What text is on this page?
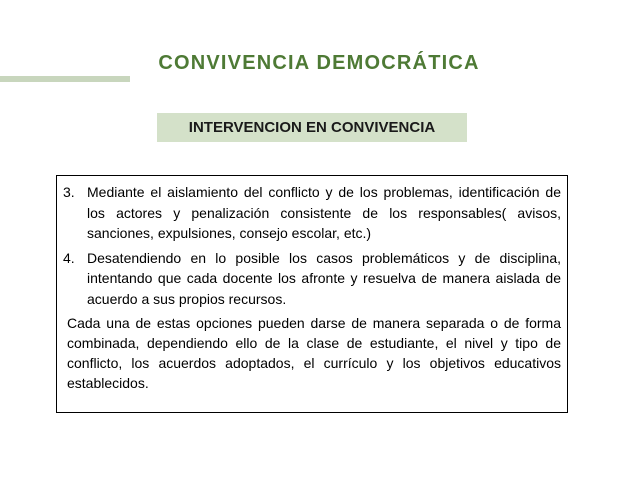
CONVIVENCIA DEMOCRÁTICA
INTERVENCION EN CONVIVENCIA
3. Mediante el aislamiento del conflicto y de los problemas, identificación de los actores y penalización consistente de los responsables( avisos, sanciones, expulsiones, consejo escolar, etc.)
4. Desatendiendo en lo posible los casos problemáticos y de disciplina, intentando que cada docente los afronte y resuelva de manera aislada de acuerdo a sus propios recursos.
Cada una de estas opciones pueden darse de manera separada o de forma combinada, dependiendo ello de la clase de estudiante, el nivel y tipo de conflicto, los acuerdos adoptados, el currículo y los objetivos educativos establecidos.
